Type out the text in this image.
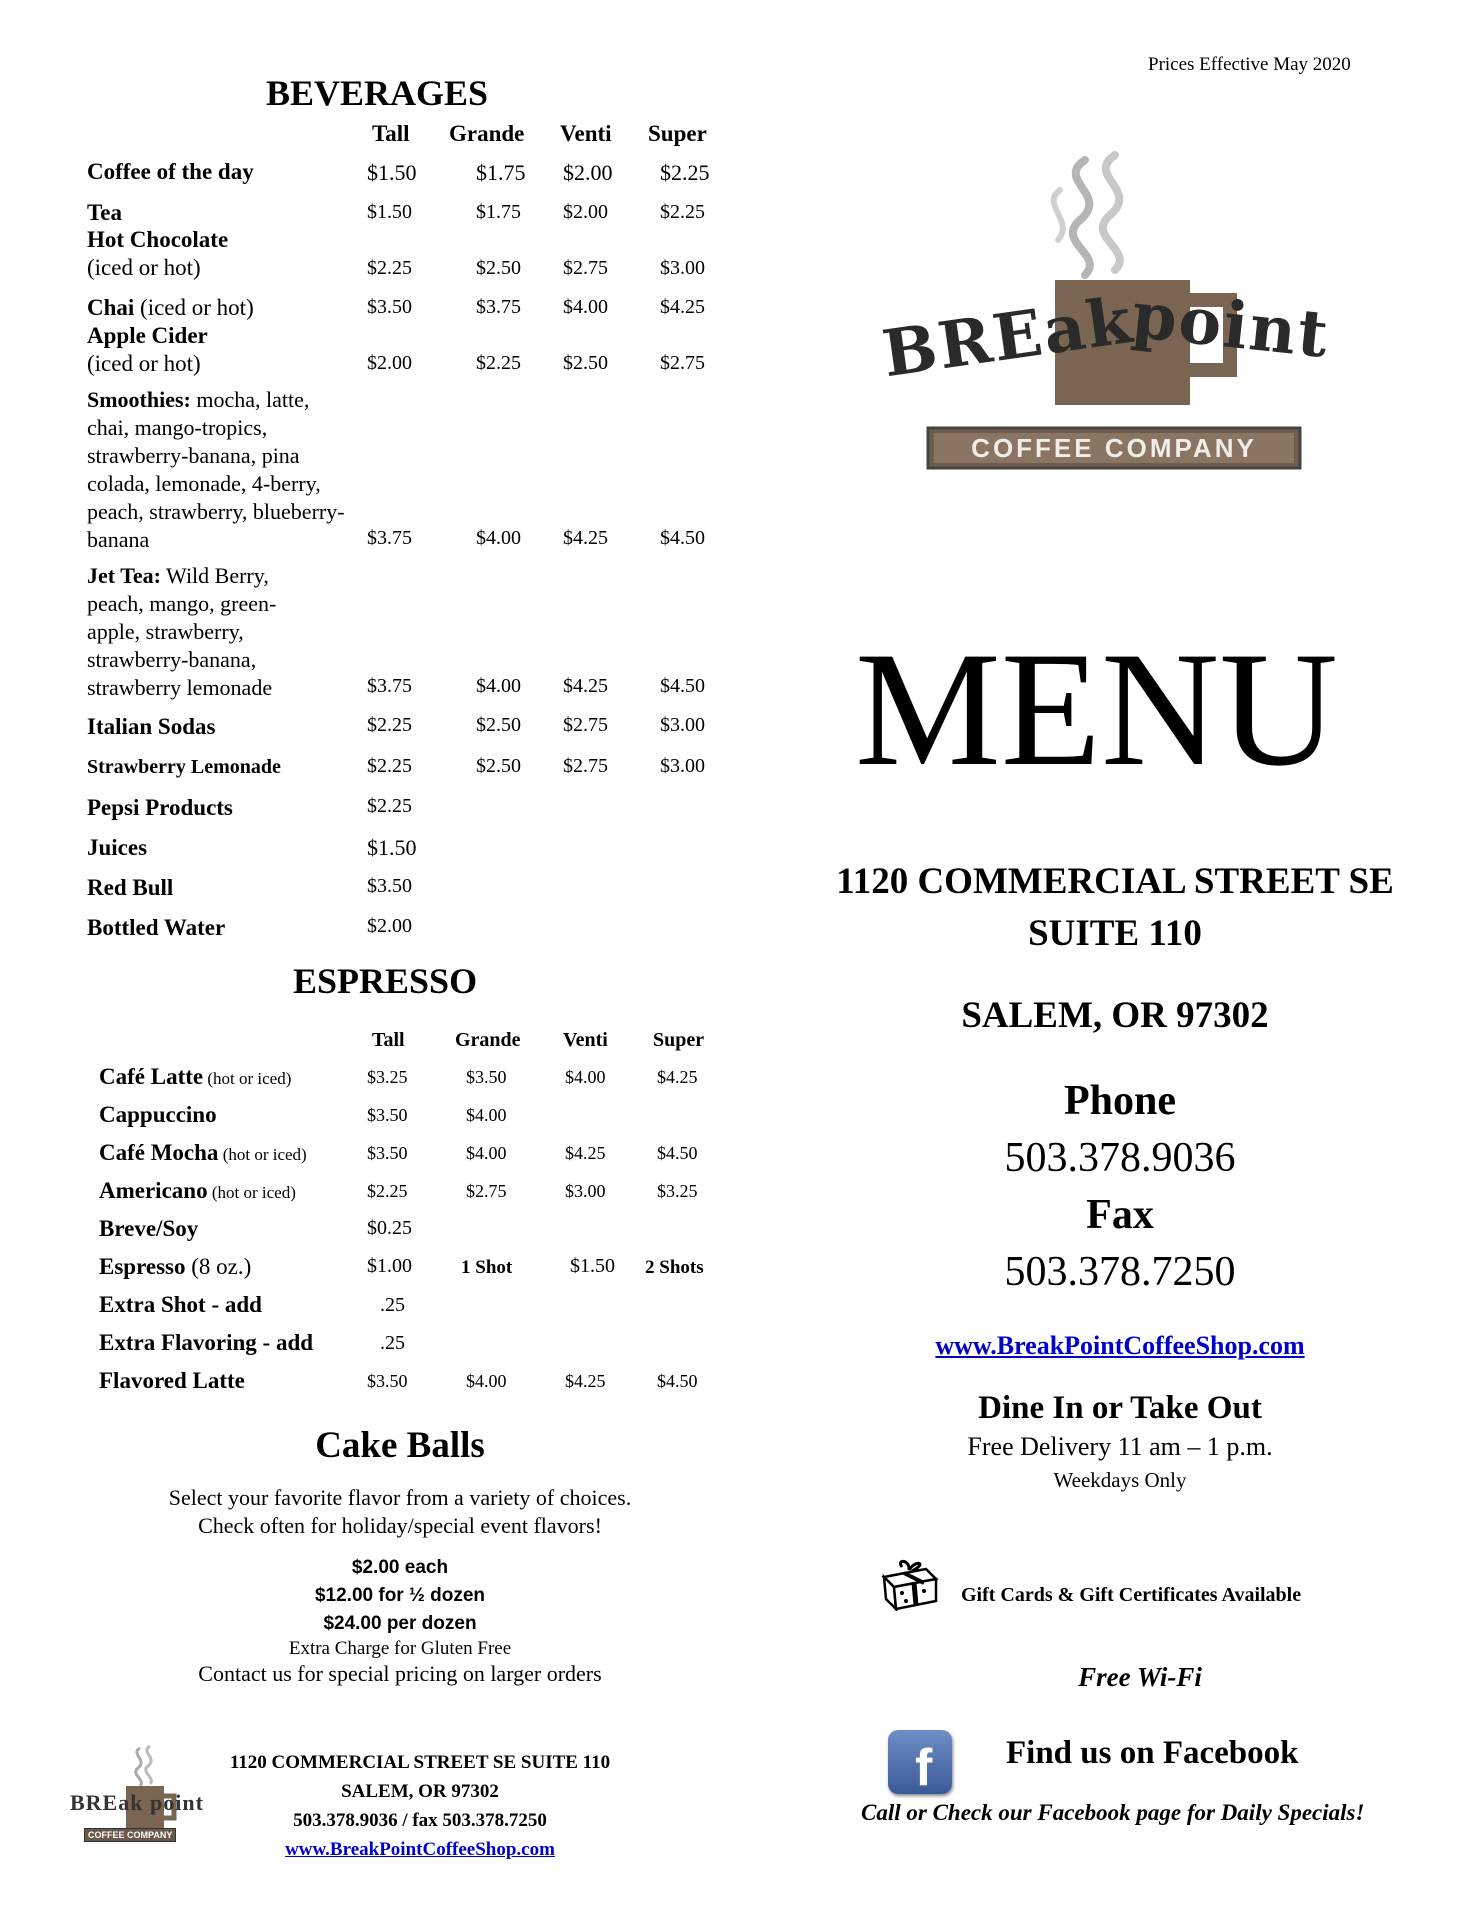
Prices Effective May 2020
BEVERAGES
Tall Grande Venti Super
Coffee of the day	$1.50	$1.75 $2.00 $2.25
Tea	$1.50	$1.75 $2.00	$2.25
Hot Chocolate
(iced or hot)	$2.25	$2.50 $2.75	$3.00
Chai (iced or hot)	$3.50	$3.75 $4.00	$4.25
Apple Cider
(iced or hot)	$2.00	$2.25 $2.50	$2.75
Smoothies: mocha, latte, chai, mango-tropics, strawberry-banana, pina colada, lemonade, 4-berry, peach, strawberry, blueberry-banana	$3.75	$4.00 $4.25	$4.50
Jet Tea: Wild Berry, peach, mango, green-apple, strawberry, strawberry-banana, strawberry lemonade	$3.75	$4.00 $4.25	$4.50
Italian Sodas	$2.25	$2.50 $2.75	$3.00
Strawberry Lemonade	$2.25	$2.50 $2.75	$3.00
Pepsi Products	$2.25
Juices	$1.50
Red Bull	$3.50
Bottled Water	$2.00
ESPRESSO
Tall	Grande Venti Super
Café Latte (hot or iced)	$3.25	$3.50	$4.00	$4.25
Cappuccino	$3.50	$4.00
Café Mocha (hot or iced)	$3.50	$4.00	$4.25	$4.50
Americano (hot or iced)	$2.25	$2.75	$3.00	$3.25
Breve/Soy	$0.25
Espresso (8 oz.)	$1.00	1 Shot	$1.50 2 Shots
Extra Shot - add	.25
Extra Flavoring - add	.25
Flavored Latte	$3.50	$4.00	$4.25	$4.50
Cake Balls
Select your favorite flavor from a variety of choices.
Check often for holiday/special event flavors!
$2.00 each
$12.00 for ½ dozen
$24.00 per dozen
Extra Charge for Gluten Free
Contact us for special pricing on larger orders
BREak point
COFFEE COMPANY
1120 COMMERCIAL STREET SE SUITE 110
SALEM, OR 97302
503.378.9036 / fax 503.378.7250
www.BreakPointCoffeeShop.com
BREak
point
COFFEE COMPANY
MENU
1120 COMMERCIAL STREET SE
SUITE 110
SALEM, OR 97302
Phone
503.378.9036
Fax
503.378.7250
www.BreakPointCoffeeShop.com
Dine In or Take Out
Free Delivery 11 am – 1 p.m.
Weekdays Only
Gift Cards & Gift Certificates Available
Free Wi-Fi
f Find us on Facebook
Call or Check our Facebook page for Daily Specials!
